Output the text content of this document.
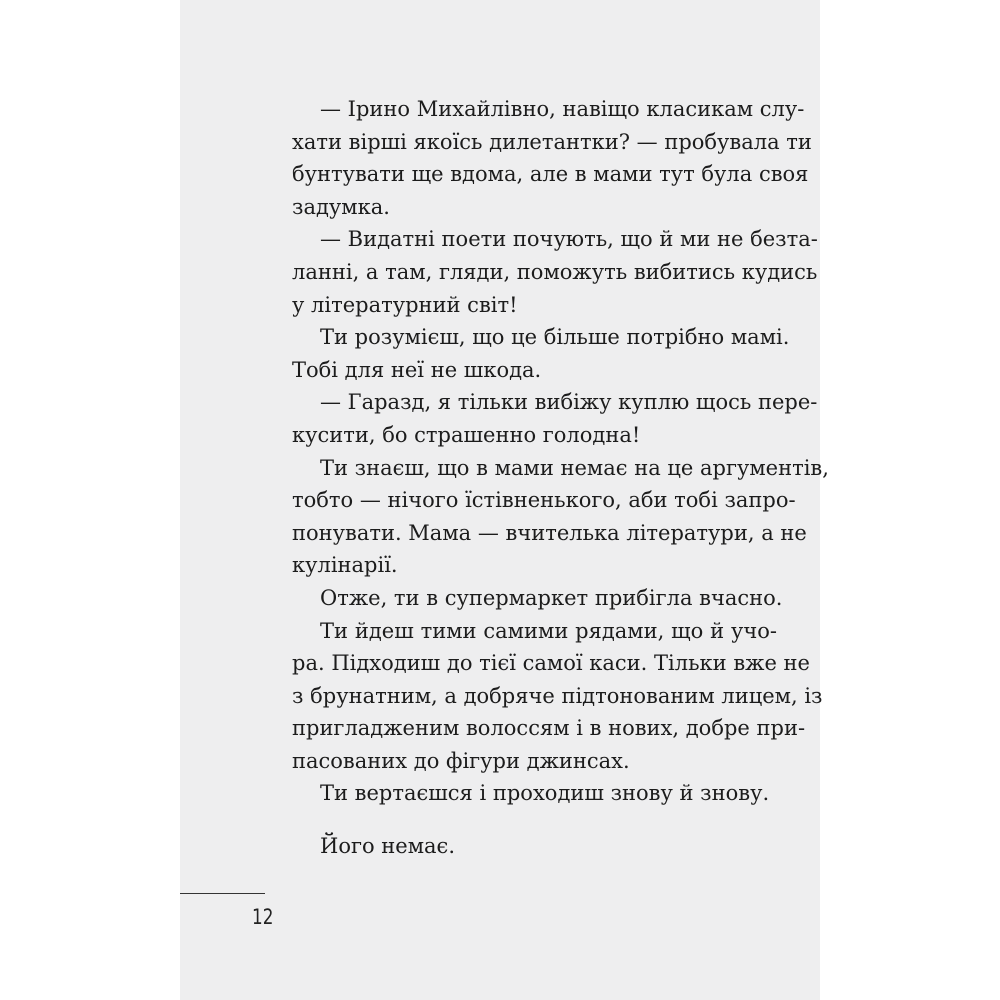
— Ірино Михайлівно, навіщо класикам слу-
хати вірші якоїсь дилетантки? — пробувала ти
бунтувати ще вдома, але в мами тут була своя
задумка.
— Видатні поети почують, що й ми не безта-
ланні, а там, гляди, поможуть вибитись кудись
у літературний світ!
Ти розумієш, що це більше потрібно мамі.
Тобі для неї не шкода.
— Гаразд, я тільки вибіжу куплю щось пере-
кусити, бо страшенно голодна!
Ти знаєш, що в мами немає на це аргументів,
тобто — нічого їстівненького, аби тобі запро-
понувати. Мама — вчителька літератури, а не
кулінарії.
Отже, ти в супермаркет прибігла вчасно.
Ти йдеш тими самими рядами, що й учо-
ра. Підходиш до тієї самої каси. Тільки вже не
з брунатним, а добряче підтонованим лицем, із
пригладженим волоссям і в нових, добре при-
пасованих до фігури джинсах.
Ти вертаєшся і проходиш знову й знову.
Його немає.
12
